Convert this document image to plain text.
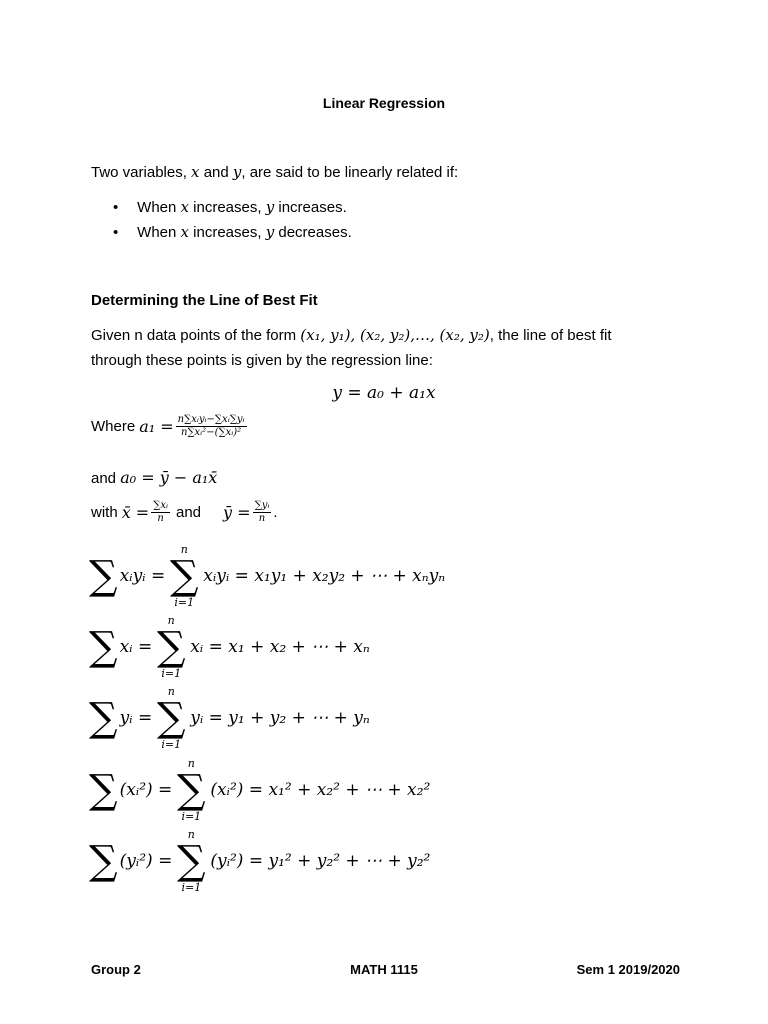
Linear Regression
Two variables, x and y, are said to be linearly related if:
• When x increases, y increases.
• When x increases, y decreases.
Determining the Line of Best Fit
Given n data points of the form (x₁, y₁), (x₂, y₂),…, (x₂, y₂), the line of best fit
through these points is given by the regression line:
y = a₀ + a₁x
Where $a_1 = \frac{\text{n∑xᵢyᵢ−∑xᵢ∑yᵢ}}{\text{n∑xᵢ²−(∑xᵢ)²}}$
and a₀ = ȳ − a₁x̄
with x̄ = $\frac{\text{∑xᵢ}}{n}$ and ȳ = $\frac{\text{∑yᵢ}}{n}$ .
∑ xᵢyᵢ =
n
∑
i=1
xᵢyᵢ = x₁y₁ + x₂y₂ + ⋯ + xₙyₙ
∑ xᵢ =
n
∑
i=1
xᵢ = x₁ + x₂ + ⋯ + xₙ
∑ yᵢ =
n
∑
i=1
yᵢ = y₁ + y₂ + ⋯ + yₙ
∑ (xᵢ²) =
n
∑
i=1
(xᵢ²) = x₁² + x₂² + ⋯ + x₂²
∑ (yᵢ²) =
n
∑
i=1
(yᵢ²) = y₁² + y₂² + ⋯ + y₂²
Group 2	MATH 1115	Sem 1 2019/2020
